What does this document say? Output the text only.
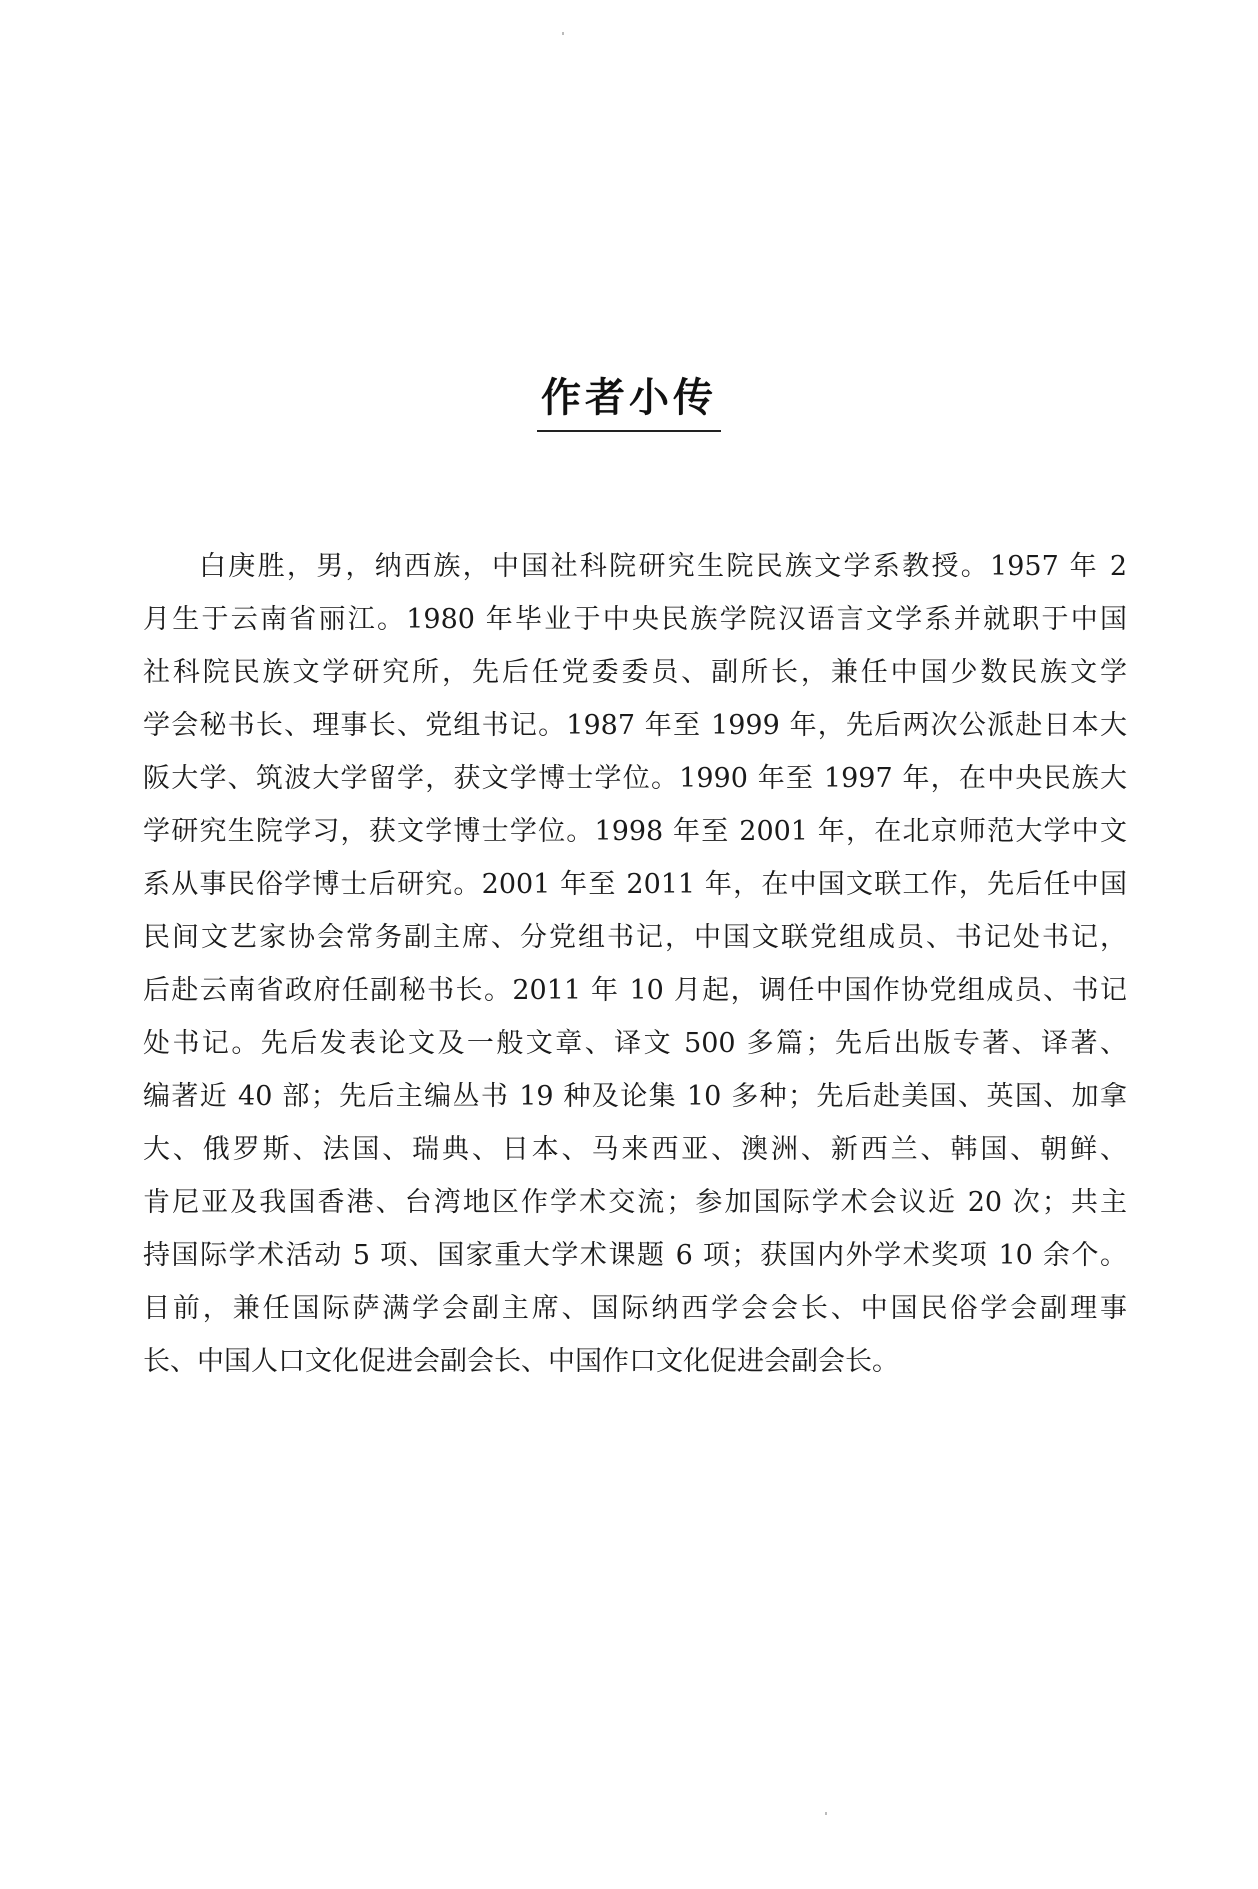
作者小传
白庚胜，男，纳西族，中国社科院研究生院民族文学系教授。1957 年 2
月生于云南省丽江。1980 年毕业于中央民族学院汉语言文学系并就职于中国
社科院民族文学研究所，先后任党委委员、副所长，兼任中国少数民族文学
学会秘书长、理事长、党组书记。1987 年至 1999 年，先后两次公派赴日本大
阪大学、筑波大学留学，获文学博士学位。1990 年至 1997 年，在中央民族大
学研究生院学习，获文学博士学位。1998 年至 2001 年，在北京师范大学中文
系从事民俗学博士后研究。2001 年至 2011 年，在中国文联工作，先后任中国
民间文艺家协会常务副主席、分党组书记，中国文联党组成员、书记处书记，
后赴云南省政府任副秘书长。2011 年 10 月起，调任中国作协党组成员、书记
处书记。先后发表论文及一般文章、译文 500 多篇；先后出版专著、译著、
编著近 40 部；先后主编丛书 19 种及论集 10 多种；先后赴美国、英国、加拿
大、俄罗斯、法国、瑞典、日本、马来西亚、澳洲、新西兰、韩国、朝鲜、
肯尼亚及我国香港、台湾地区作学术交流；参加国际学术会议近 20 次；共主
持国际学术活动 5 项、国家重大学术课题 6 项；获国内外学术奖项 10 余个。
目前，兼任国际萨满学会副主席、国际纳西学会会长、中国民俗学会副理事
长、中国人口文化促进会副会长、中国作口文化促进会副会长。
